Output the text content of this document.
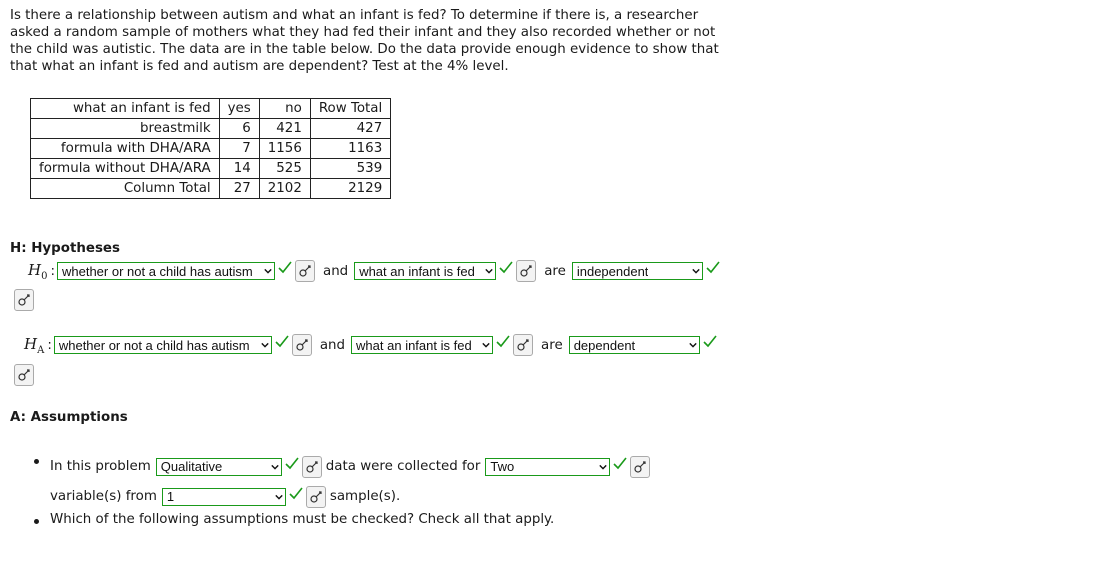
Is there a relationship between autism and what an infant is fed? To determine if there is, a researcher asked a random sample of mothers what they had fed their infant and they also recorded whether or not the child was autistic. The data are in the table below. Do the data provide enough evidence to show that that what an infant is fed and autism are dependent? Test at the 4% level.

what an infant is fed	yes	no	Row Total
breastmilk	6	421	427
formula with DHA/ARA	7	1156	1163
formula without DHA/ARA	14	525	539
Column Total	27	2102	2129

H: Hypotheses

$H_0$ : whether or not a child has autism	and what an infant is fed	are independent
$H_A$ : whether or not a child has autism	and what an infant is fed	are dependent

A: Assumptions

In this problem Qualitative	data were collected for Two
variable(s) from 1	sample(s).
Which of the following assumptions must be checked? Check all that apply.
